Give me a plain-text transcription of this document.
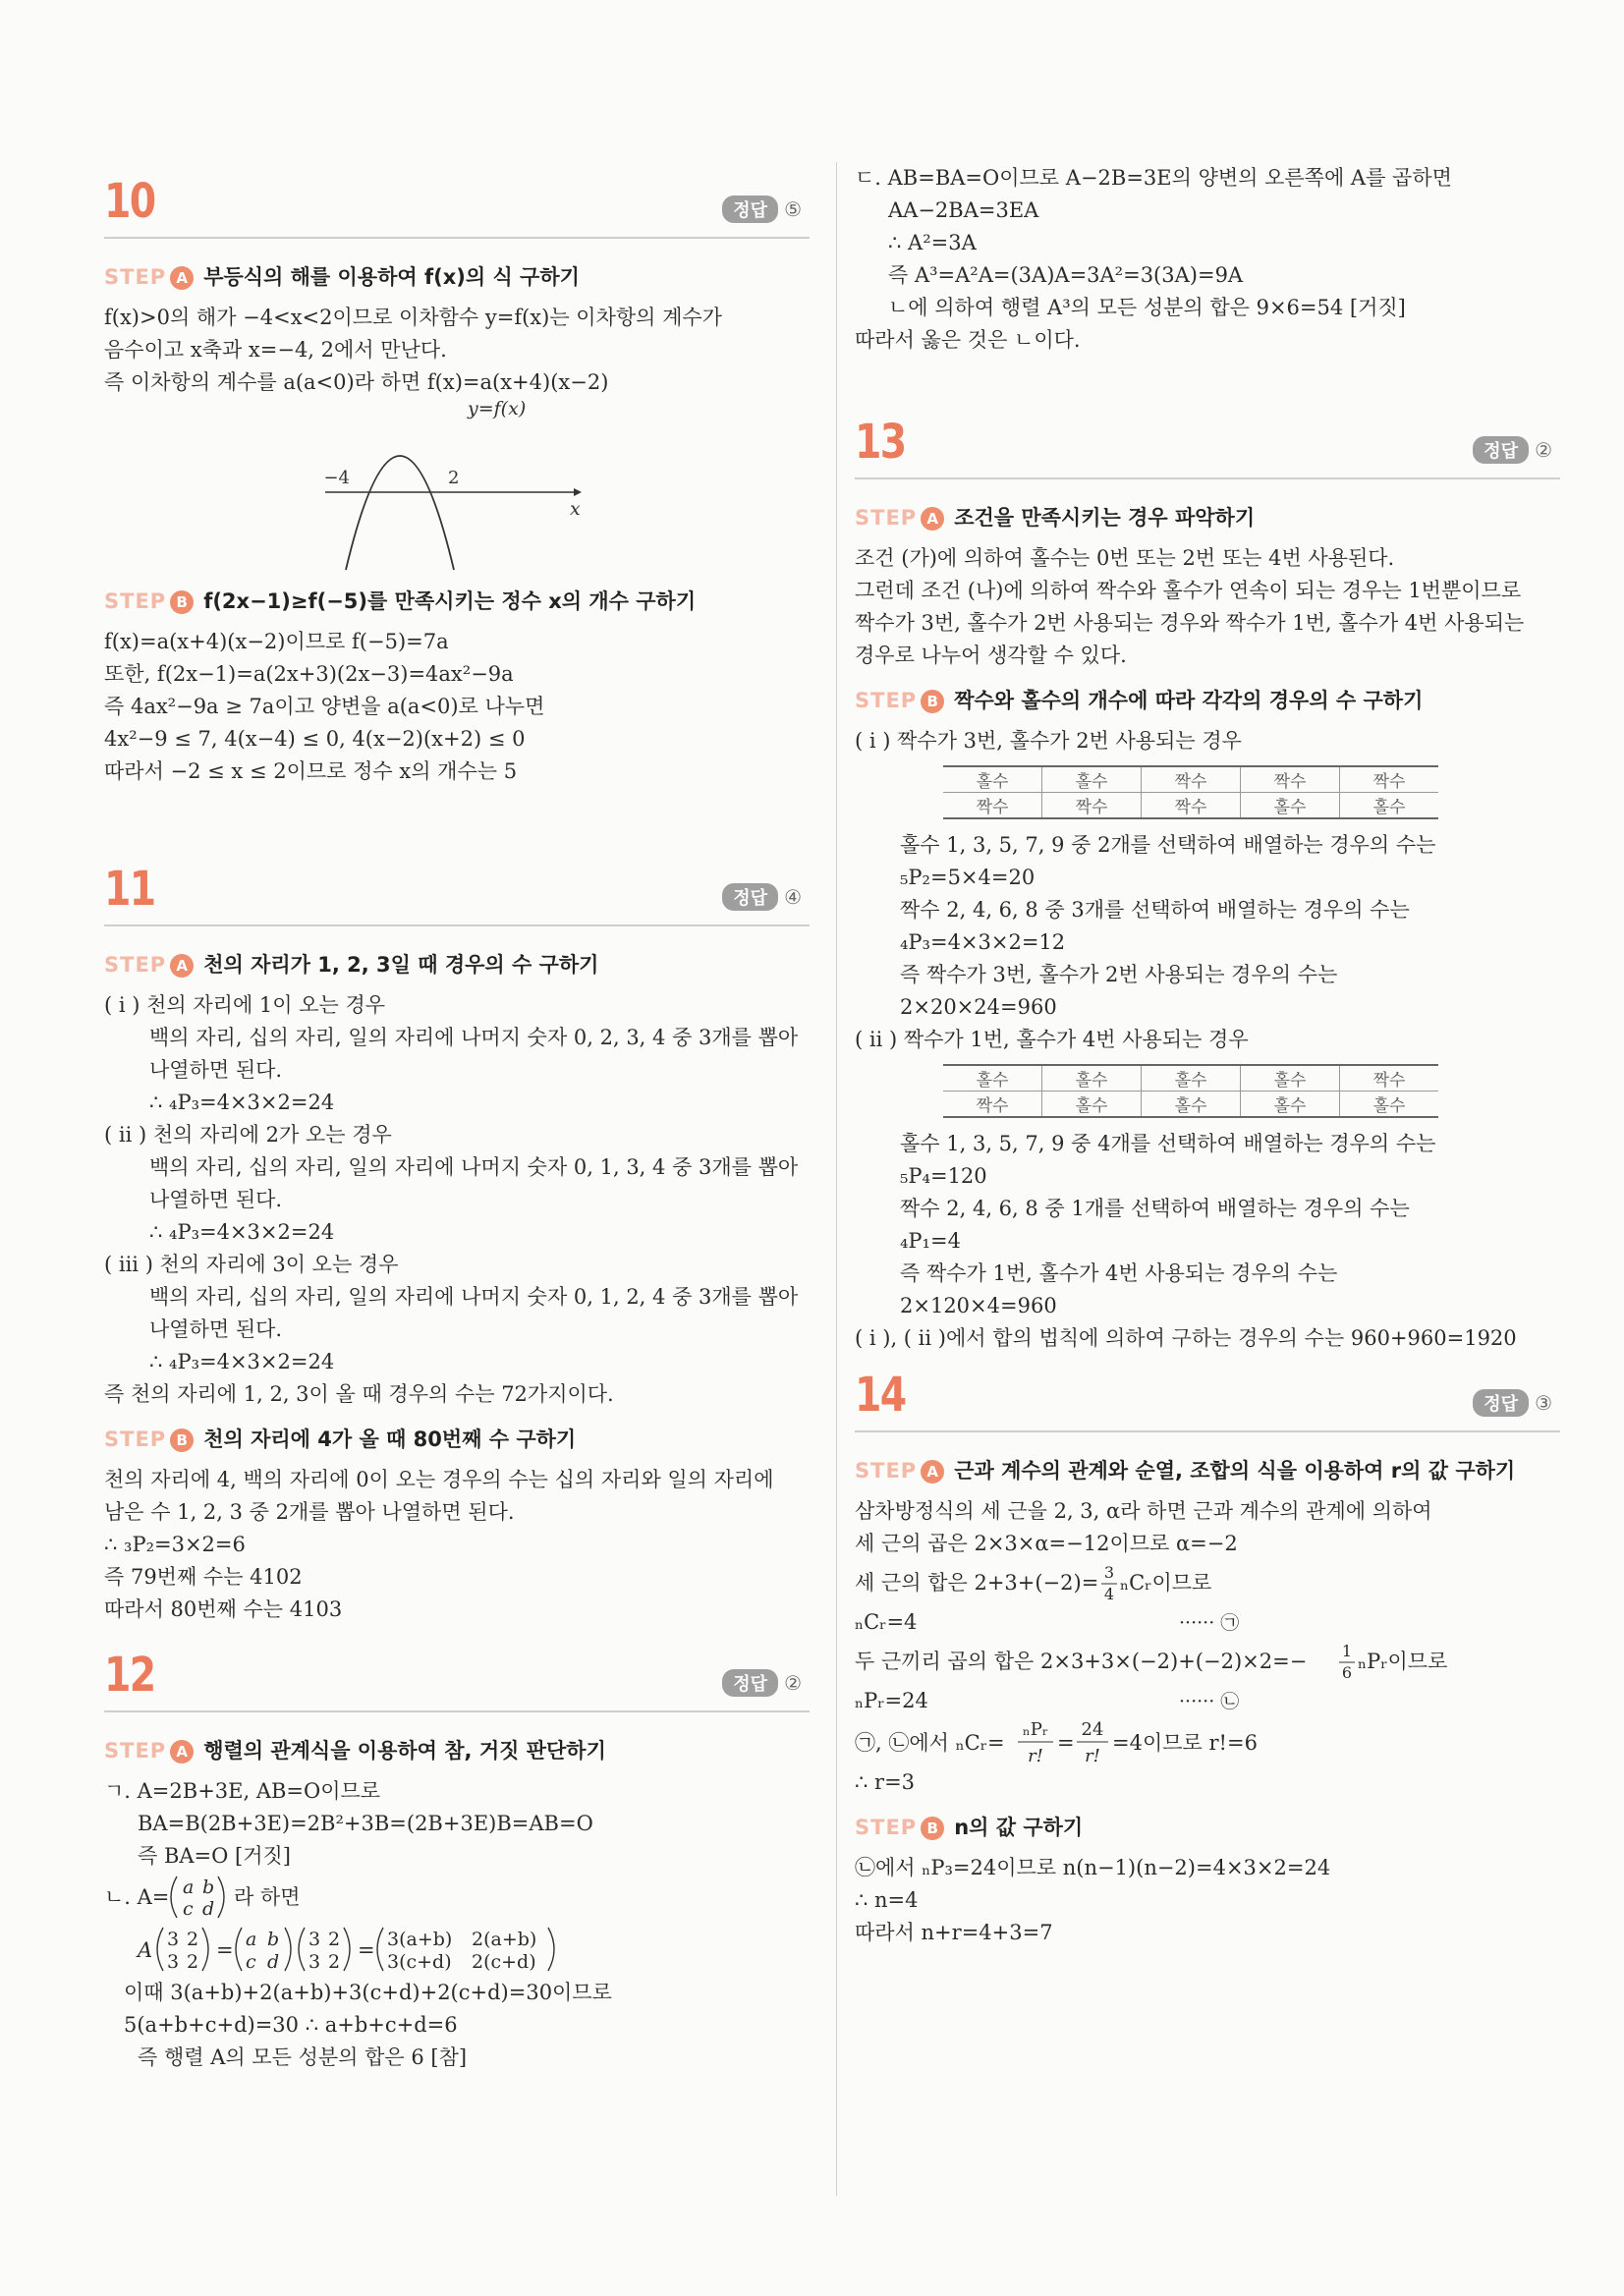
10	정답 ⑤
STEP A 부등식의 해를 이용하여 f(x)의 식 구하기
f(x)>0의 해가 −4<x<2이므로 이차함수 y=f(x)는 이차항의 계수가
음수이고 x축과 x=−4, 2에서 만난다.
즉 이차항의 계수를 a(a<0)라 하면 f(x)=a(x+4)(x−2)
y=f(x)
−4	2
x
STEP B f(2x−1)≥f(−5)를 만족시키는 정수 x의 개수 구하기
f(x)=a(x+4)(x−2)이므로 f(−5)=7a
또한, f(2x−1)=a(2x+3)(2x−3)=4ax²−9a
즉 4ax²−9a ≥ 7a이고 양변을 a(a<0)로 나누면
4x²−9 ≤ 7, 4(x−4) ≤ 0, 4(x−2)(x+2) ≤ 0
따라서 −2 ≤ x ≤ 2이므로 정수 x의 개수는 5
11	정답 ④
STEP A 천의 자리가 1, 2, 3일 때 경우의 수 구하기
( i ) 천의 자리에 1이 오는 경우
백의 자리, 십의 자리, 일의 자리에 나머지 숫자 0, 2, 3, 4 중 3개를 뽑아
나열하면 된다.
∴ ₄P₃=4×3×2=24
( ii ) 천의 자리에 2가 오는 경우
백의 자리, 십의 자리, 일의 자리에 나머지 숫자 0, 1, 3, 4 중 3개를 뽑아
나열하면 된다.
∴ ₄P₃=4×3×2=24
( iii ) 천의 자리에 3이 오는 경우
백의 자리, 십의 자리, 일의 자리에 나머지 숫자 0, 1, 2, 4 중 3개를 뽑아
나열하면 된다.
∴ ₄P₃=4×3×2=24
즉 천의 자리에 1, 2, 3이 올 때 경우의 수는 72가지이다.
STEP B 천의 자리에 4가 올 때 80번째 수 구하기
천의 자리에 4, 백의 자리에 0이 오는 경우의 수는 십의 자리와 일의 자리에
남은 수 1, 2, 3 중 2개를 뽑아 나열하면 된다.
∴ ₃P₂=3×2=6
즉 79번째 수는 4102
따라서 80번째 수는 4103
12	정답 ②
STEP A 행렬의 관계식을 이용하여 참, 거짓 판단하기
ㄱ. A=2B+3E, AB=O이므로
BA=B(2B+3E)=2B²+3B=(2B+3E)B=AB=O
즉 BA=O [거짓]
ㄴ. A= a b
c d 라 하면
A 3 2
3 2 = a b
c d
3 2
3 2 = 3(a+b) 2(a+b)
3(c+d) 2(c+d)
이때 3(a+b)+2(a+b)+3(c+d)+2(c+d)=30이므로
5(a+b+c+d)=30 ∴ a+b+c+d=6
즉 행렬 A의 모든 성분의 합은 6 [참]
ㄷ. AB=BA=O이므로 A−2B=3E의 양변의 오른쪽에 A를 곱하면
AA−2BA=3EA
∴ A²=3A
즉 A³=A²A=(3A)A=3A²=3(3A)=9A
ㄴ에 의하여 행렬 A³의 모든 성분의 합은 9×6=54 [거짓]
따라서 옳은 것은 ㄴ이다.
13	정답 ②
STEP A 조건을 만족시키는 경우 파악하기
조건 (가)에 의하여 홀수는 0번 또는 2번 또는 4번 사용된다.
그런데 조건 (나)에 의하여 짝수와 홀수가 연속이 되는 경우는 1번뿐이므로
짝수가 3번, 홀수가 2번 사용되는 경우와 짝수가 1번, 홀수가 4번 사용되는
경우로 나누어 생각할 수 있다.
STEP B 짝수와 홀수의 개수에 따라 각각의 경우의 수 구하기
( i ) 짝수가 3번, 홀수가 2번 사용되는 경우
홀수	홀수	짝수	짝수	짝수
짝수	짝수	짝수	홀수	홀수
홀수 1, 3, 5, 7, 9 중 2개를 선택하여 배열하는 경우의 수는
₅P₂=5×4=20
짝수 2, 4, 6, 8 중 3개를 선택하여 배열하는 경우의 수는
₄P₃=4×3×2=12
즉 짝수가 3번, 홀수가 2번 사용되는 경우의 수는
2×20×24=960
( ii ) 짝수가 1번, 홀수가 4번 사용되는 경우
홀수	홀수	홀수	홀수	짝수
짝수	홀수	홀수	홀수	홀수
홀수 1, 3, 5, 7, 9 중 4개를 선택하여 배열하는 경우의 수는
₅P₄=120
짝수 2, 4, 6, 8 중 1개를 선택하여 배열하는 경우의 수는
₄P₁=4
즉 짝수가 1번, 홀수가 4번 사용되는 경우의 수는
2×120×4=960
( i ), ( ii )에서 합의 법칙에 의하여 구하는 경우의 수는 960+960=1920
14	정답 ③
STEP A 근과 계수의 관계와 순열, 조합의 식을 이용하여 r의 값 구하기
삼차방정식의 세 근을 2, 3, α라 하면 근과 계수의 관계에 의하여
세 근의 곱은 2×3×α=−12이므로 α=−2
세 근의 합은 2+3+(−2)= 3
4 ₙCᵣ이므로
ₙCᵣ=4	······ ㉠
두 근끼리 곱의 합은 2×3+3×(−2)+(−2)×2=− 1
6 ₙPᵣ이므로
ₙPᵣ=24	······ ㉡
㉠, ㉡에서 ₙCᵣ=
ₙPᵣ
r!
=
24
r!
=4이므로 r!=6
∴ r=3
STEP B n의 값 구하기
㉡에서 ₙP₃=24이므로 n(n−1)(n−2)=4×3×2=24
∴ n=4
따라서 n+r=4+3=7
